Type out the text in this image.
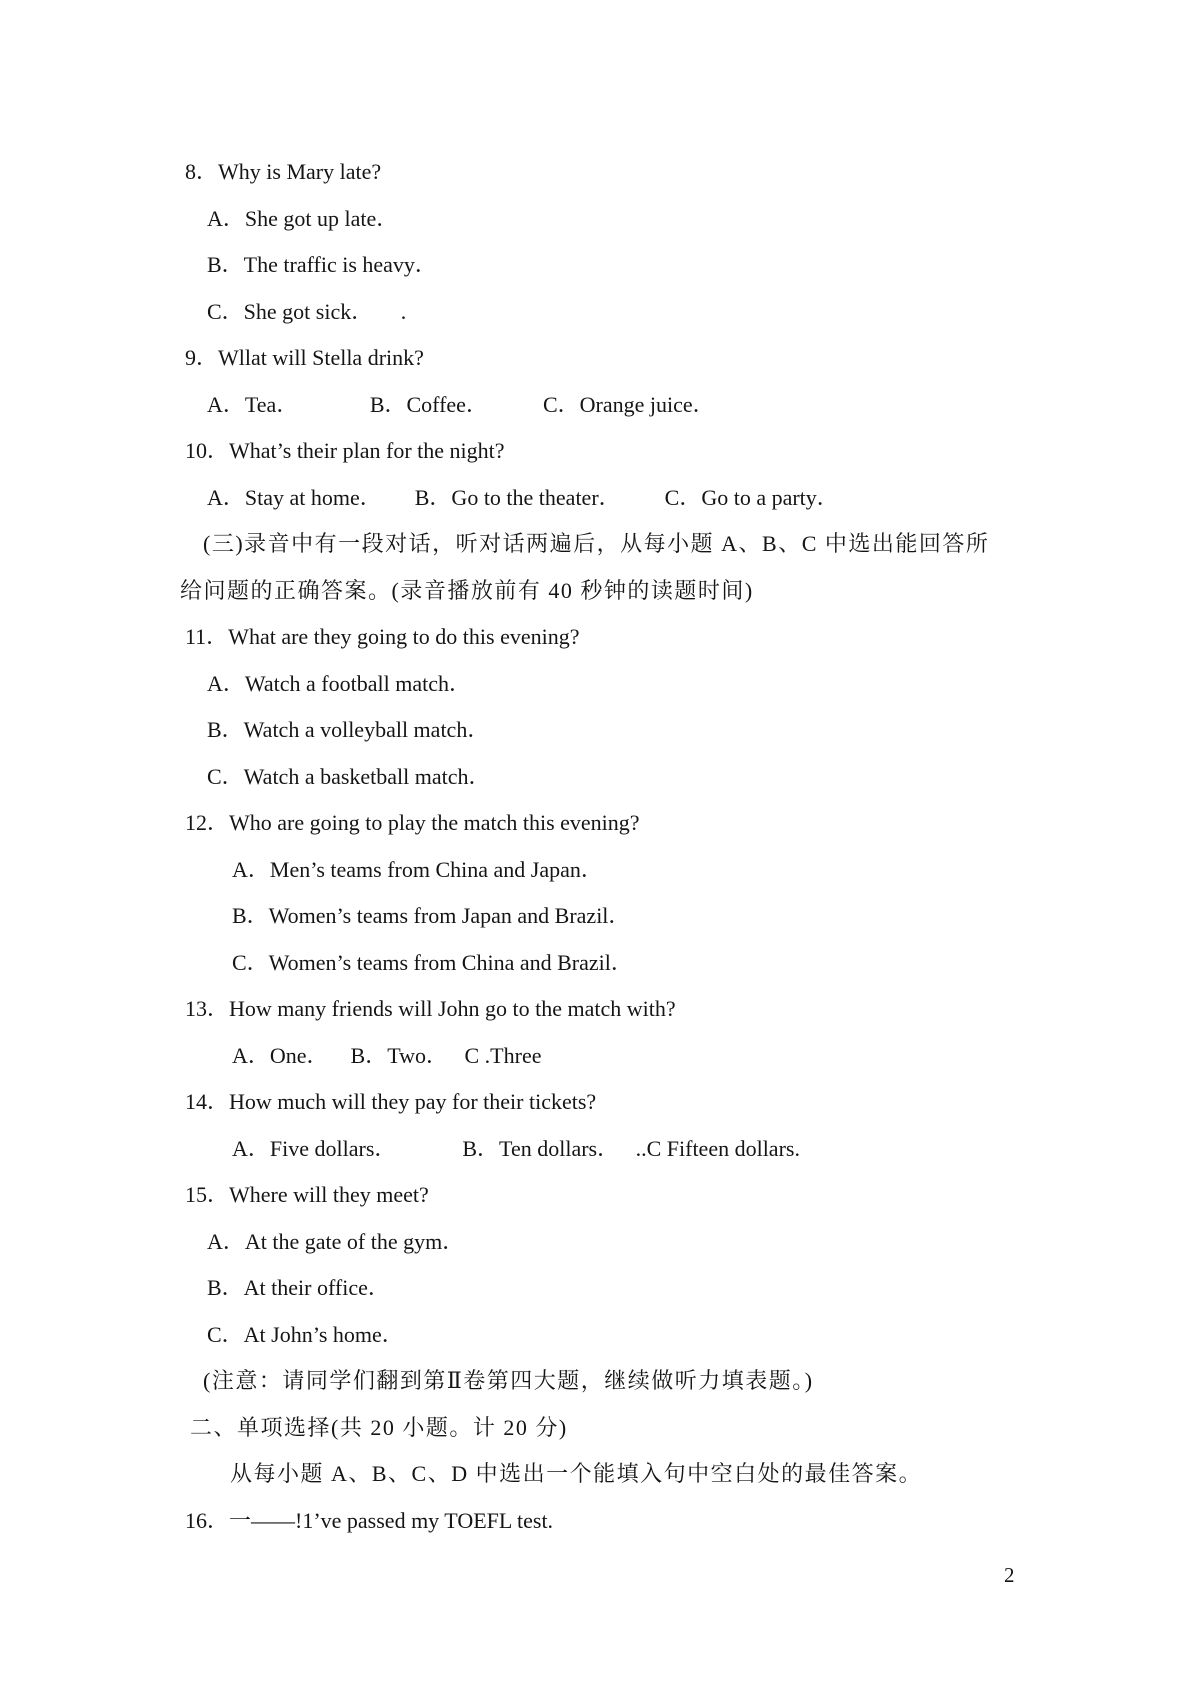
8．Why is Mary late?
A．She got up late．
B．The traffic is heavy．
C．She got sick．     .
9．Wllat will Stella drink?
A．Tea．             B．Coffee．          C．Orange juice．
10．What’s their plan for the night?
A．Stay at home．      B．Go to the theater．        C．Go to a party．
(三)录音中有一段对话，听对话两遍后，从每小题 A、B、C 中选出能回答所
给问题的正确答案。(录音播放前有 40 秒钟的读题时间)
11．What are they going to do this evening?
A．Watch a football match．
B．Watch a volleyball match．
C．Watch a basketball match．
12．Who are going to play the match this evening?
A．Men’s teams from China and Japan．
B．Women’s teams from Japan and Brazil．
C．Women’s teams from China and Brazil．
13．How many friends will John go to the match with?
A．One．    B．Two．   C .Three
14．How much will they pay for their tickets?
A．Five dollars．            B．Ten dollars．   ..C Fifteen dollars.
15．Where will they meet?
A．At the gate of the gym．
B．At their office．
C．At John’s home．
(注意：请同学们翻到第Ⅱ卷第四大题，继续做听力填表题。)
二、单项选择(共 20 小题。计 20 分)
从每小题 A、B、C、D 中选出一个能填入句中空白处的最佳答案。
16．一——!1’ve passed my TOEFL test.
2
